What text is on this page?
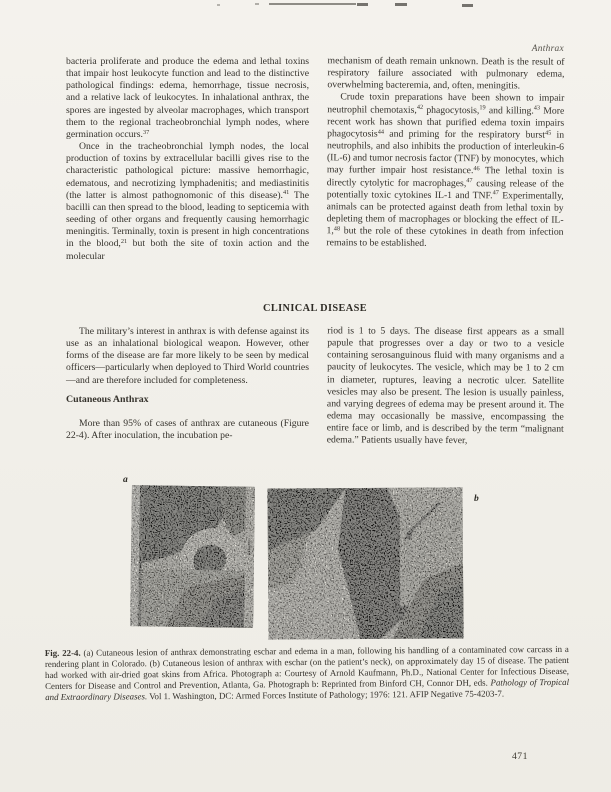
Anthrax

bacteria proliferate and produce the edema and lethal toxins that impair host leukocyte function and lead to the distinctive pathological findings: edema, hemorrhage, tissue necrosis, and a relative lack of leukocytes. In inhalational anthrax, the spores are ingested by alveolar macrophages, which transport them to the regional tracheobronchial lymph nodes, where germination occurs.$^{37}$

Once in the tracheobronchial lymph nodes, the local production of toxins by extracellular bacilli gives rise to the characteristic pathological picture: massive hemorrhagic, edematous, and necrotizing lymphadenitis; and mediastinitis (the latter is almost pathognomonic of this disease).$^{41}$ The bacilli can then spread to the blood, leading to septicemia with seeding of other organs and frequently causing hemorrhagic meningitis. Terminally, toxin is present in high concentrations in the blood,$^{21}$ but both the site of toxin action and the molecular

mechanism of death remain unknown. Death is the result of respiratory failure associated with pulmonary edema, overwhelming bacteremia, and, often, meningitis.

Crude toxin preparations have been shown to impair neutrophil chemotaxis,$^{42}$ phagocytosis,$^{19}$ and killing.$^{43}$ More recent work has shown that purified edema toxin impairs phagocytosis$^{44}$ and priming for the respiratory burst$^{45}$ in neutrophils, and also inhibits the production of interleukin-6 (IL-6) and tumor necrosis factor (TNF) by monocytes, which may further impair host resistance.$^{46}$ The lethal toxin is directly cytolytic for macrophages,$^{47}$ causing release of the potentially toxic cytokines IL-1 and TNF.$^{47}$ Experimentally, animals can be protected against death from lethal toxin by depleting them of macrophages or blocking the effect of IL-1,48 but the role of these cytokines in death from infection remains to be established.

CLINICAL DISEASE

The military’s interest in anthrax is with defense against its use as an inhalational biological weapon. However, other forms of the disease are far more likely to be seen by medical officers—particularly when deployed to Third World countries—and are therefore included for completeness.

Cutaneous Anthrax

More than 95% of cases of anthrax are cutaneous (Figure 22-4). After inoculation, the incubation pe-

riod is 1 to 5 days. The disease first appears as a small papule that progresses over a day or two to a vesicle containing serosanguinous fluid with many organisms and a paucity of leukocytes. The vesicle, which may be 1 to 2 cm in diameter, ruptures, leaving a necrotic ulcer. Satellite vesicles may also be present. The lesion is usually painless, and varying degrees of edema may be present around it. The edema may occasionally be massive, encompassing the entire face or limb, and is described by the term “malignant edema.” Patients usually have fever,

a
b
Fig. 22-4. (a) Cutaneous lesion of anthrax demonstrating eschar and edema in a man, following his handling of a contaminated cow carcass in a rendering plant in Colorado. (b) Cutaneous lesion of anthrax with eschar (on the patient’s neck), on approximately day 15 of disease. The patient had worked with air-dried goat skins from Africa. Photograph a: Courtesy of Arnold Kaufmann, Ph.D., National Center for Infectious Disease, Centers for Disease and Control and Prevention, Atlanta, Ga. Photograph b: Reprinted from Binford CH, Connor DH, eds. Pathology of Tropical and Extraordinary Diseases. Vol 1. Washington, DC: Armed Forces Institute of Pathology; 1976: 121. AFIP Negative 75-4203-7.
471
